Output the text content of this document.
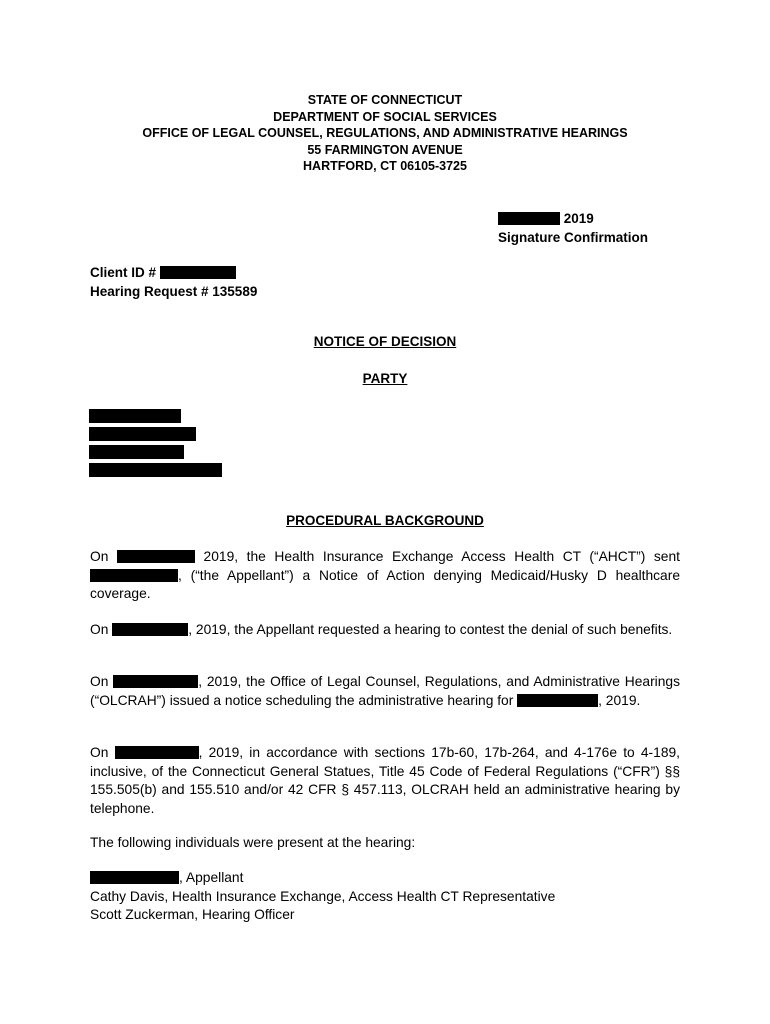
STATE OF CONNECTICUT
DEPARTMENT OF SOCIAL SERVICES
OFFICE OF LEGAL COUNSEL, REGULATIONS, AND ADMINISTRATIVE HEARINGS
55 FARMINGTON AVENUE
HARTFORD, CT 06105-3725
2019
Signature Confirmation
Client ID #
Hearing Request # 135589
NOTICE OF DECISION
PARTY
PROCEDURAL BACKGROUND
On	2019, the Health Insurance Exchange Access Health CT (“AHCT”) sent , (“the Appellant”) a Notice of Action denying Medicaid/Husky D healthcare coverage.
On	, 2019, the Appellant requested a hearing to contest the denial of such benefits.
On	, 2019, the Office of Legal Counsel, Regulations, and Administrative Hearings (“OLCRAH”) issued a notice scheduling the administrative hearing for	, 2019.
On	, 2019, in accordance with sections 17b-60, 17b-264, and 4-176e to 4-189, inclusive, of the Connecticut General Statues, Title 45 Code of Federal Regulations (“CFR”) §§ 155.505(b) and 155.510 and/or 42 CFR § 457.113, OLCRAH held an administrative hearing by telephone.
The following individuals were present at the hearing:
, Appellant
Cathy Davis, Health Insurance Exchange, Access Health CT Representative
Scott Zuckerman, Hearing Officer
